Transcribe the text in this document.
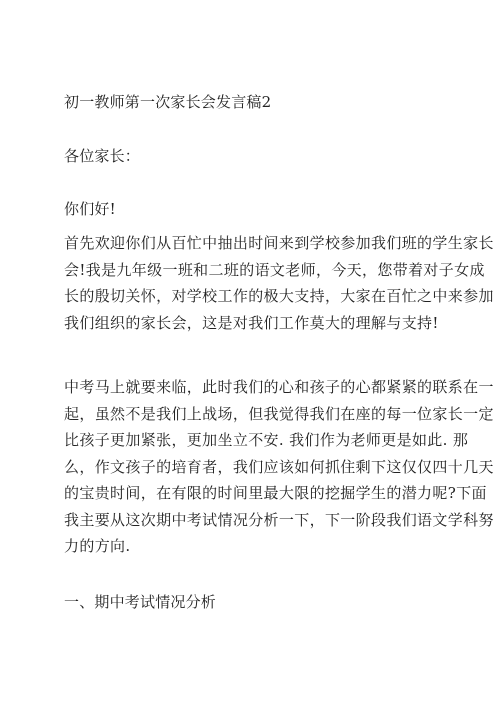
初一教师第一次家长会发言稿2
各位家长：
你们好!
首先欢迎你们从百忙中抽出时间来到学校参加我们班的学生家长
会!我是九年级一班和二班的语文老师，今天，您带着对子女成
长的殷切关怀，对学校工作的极大支持，大家在百忙之中来参加
我们组织的家长会，这是对我们工作莫大的理解与支持!
中考马上就要来临，此时我们的心和孩子的心都紧紧的联系在一
起，虽然不是我们上战场，但我觉得我们在座的每一位家长一定
比孩子更加紧张，更加坐立不安. 我们作为老师更是如此. 那
么，作文孩子的培育者，我们应该如何抓住剩下这仅仅四十几天
的宝贵时间，在有限的时间里最大限的挖掘学生的潜力呢?下面
我主要从这次期中考试情况分析一下，下一阶段我们语文学科努
力的方向.
一、期中考试情况分析
